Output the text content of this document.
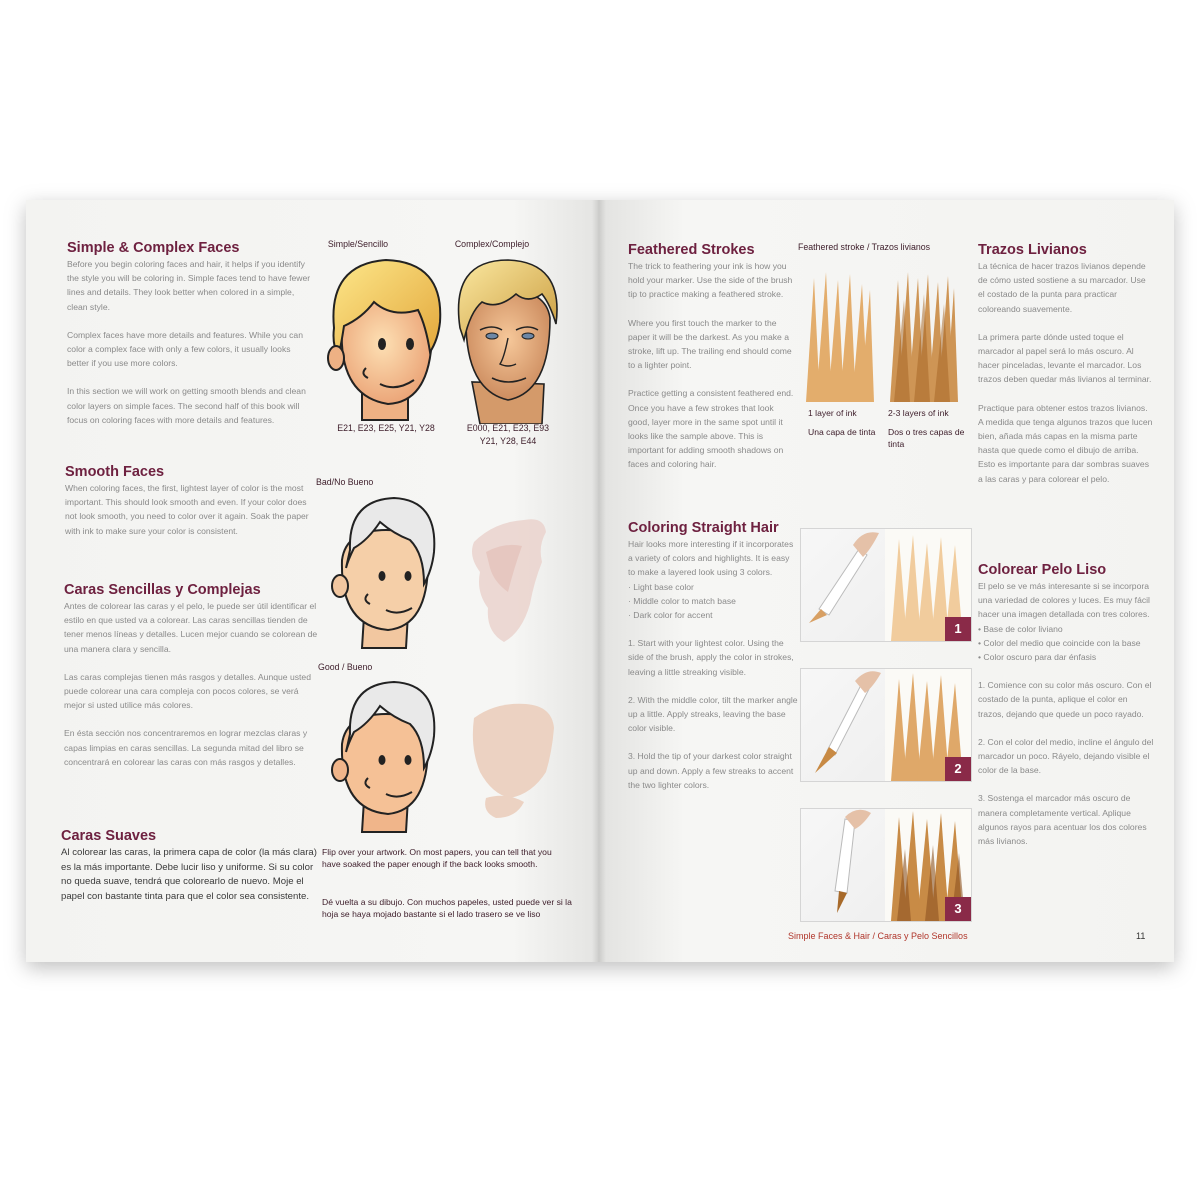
Simple & Complex Faces

Before you begin coloring faces and hair, it helps if you identify the style you will be coloring in. Simple faces tend to have fewer lines and details. They look better when colored in a simple, clean style.

Complex faces have more details and features. While you can color a complex face with only a few colors, it usually looks better if you use more colors.

In this section we will work on getting smooth blends and clean color layers on simple faces. The second half of this book will focus on coloring faces with more details and features.

Smooth Faces

When coloring faces, the first, lightest layer of color is the most important. This should look smooth and even. If your color does not look smooth, you need to color over it again. Soak the paper with ink to make sure your color is consistent.

Caras Sencillas y Complejas

Antes de colorear las caras y el pelo, le puede ser útil identificar el estilo en que usted va a colorear. Las caras sencillas tienden de tener menos líneas y detalles. Lucen mejor cuando se colorean de una manera clara y sencilla.

Las caras complejas tienen más rasgos y detalles. Aunque usted puede colorear una cara compleja con pocos colores, se verá mejor si usted utilice más colores.

En ésta sección nos concentraremos en lograr mezclas claras y capas limpias en caras sencillas. La segunda mitad del libro se concentrará en colorear las caras con más rasgos y detalles.

Caras Suaves

Al colorear las caras, la primera capa de color (la más clara) es la más importante. Debe lucir liso y uniforme. Si su color no queda suave, tendrá que colorearlo de nuevo. Moje el papel con bastante tinta para que el color sea consistente.

Simple/Sencillo	Complex/Complejo
E21, E23, E25, Y21, Y28	E000, E21, E23, E93 Y21, Y28, E44
Bad/No Bueno
Good / Bueno
Flip over your artwork. On most papers, you can tell that you have soaked the paper enough if the back looks smooth.
Dé vuelta a su dibujo. Con muchos papeles, usted puede ver si la hoja se haya mojado bastante si el lado trasero se ve liso
Feathered Strokes

The trick to feathering your ink is how you hold your marker. Use the side of the brush tip to practice making a feathered stroke.

Where you first touch the marker to the paper it will be the darkest. As you make a stroke, lift up. The trailing end should come to a lighter point.

Practice getting a consistent feathered end. Once you have a few strokes that look good, layer more in the same spot until it looks like the sample above. This is important for adding smooth shadows on faces and coloring hair.

Feathered stroke / Trazos livianos
1 layer of ink
Una capa de tinta
2-3 layers of ink
Dos o tres capas de tinta
Coloring Straight Hair

Hair looks more interesting if it incorporates a variety of colors and highlights. It is easy to make a layered look using 3 colors.

· Light base color
· Middle color to match base
· Dark color for accent

1. Start with your lightest color. Using the side of the brush, apply the color in strokes, leaving a little streaking visible.

2. With the middle color, tilt the marker angle up a little. Apply streaks, leaving the base color visible.

3. Hold the tip of your darkest color straight up and down. Apply a few streaks to accent the two lighter colors.

1
2
3
Trazos Livianos

La técnica de hacer trazos livianos depende de cómo usted sostiene a su marcador. Use el costado de la punta para practicar coloreando suavemente.

La primera parte dónde usted toque el marcador al papel será lo más oscuro. Al hacer pinceladas, levante el marcador. Los trazos deben quedar más livianos al terminar.

Practique para obtener estos trazos livianos. A medida que tenga algunos trazos que lucen bien, añada más capas en la misma parte hasta que quede como el dibujo de arriba. Esto es importante para dar sombras suaves a las caras y para colorear el pelo.

Colorear Pelo Liso

El pelo se ve más interesante si se incorpora una variedad de colores y luces. Es muy fácil hacer una imagen detallada con tres colores.

• Base de color liviano
• Color del medio que coincide con la base
• Color oscuro para dar énfasis

1. Comience con su color más oscuro. Con el costado de la punta, aplique el color en trazos, dejando que quede un poco rayado.

2. Con el color del medio, incline el ángulo del marcador un poco. Ráyelo, dejando visible el color de la base.

3. Sostenga el marcador más oscuro de manera completamente vertical. Aplique algunos rayos para acentuar los dos colores más livianos.

Simple Faces & Hair / Caras y Pelo Sencillos	11
